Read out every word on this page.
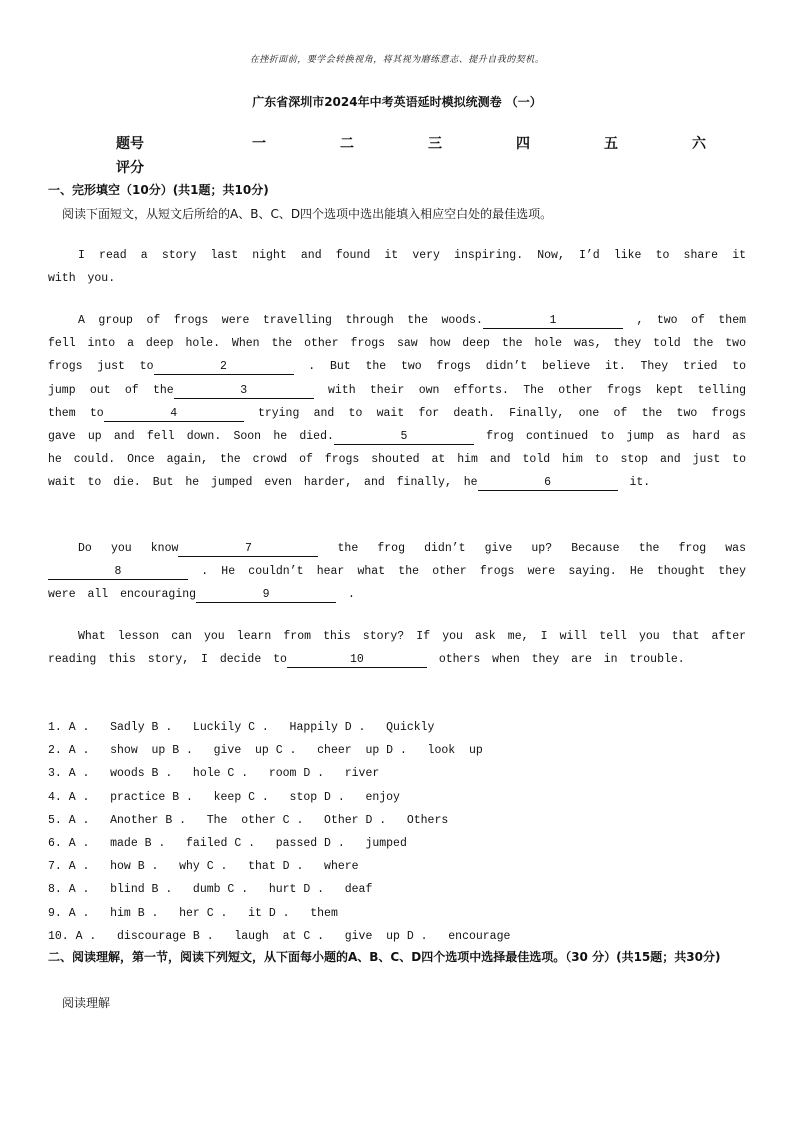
在挫折面前，要学会转换视角，将其视为磨练意志、提升自我的契机。
广东省深圳市2024年中考英语延时模拟统测卷 （一）
题号	一	二	三	四	五	六
评分
一、完形填空（10分）(共1题；共10分)
阅读下面短文，从短文后所给的A、B、C、D四个选项中选出能填入相应空白处的最佳选项。

I read a story last night and found it very inspiring. Now, I’d like to share it with you.

A group of frogs were travelling through the woods.	1	, two of them fell into a deep hole. When the other frogs saw how deep the hole was, they told the two frogs just to	2	. But the two frogs didn’t believe it. They tried to jump out of the	3	with their own efforts. The other frogs kept telling them to	4	trying and to wait for death. Finally, one of the two frogs gave up and fell down. Soon he died.	5	frog continued to jump as hard as he could. Once again, the crowd of frogs shouted at him and told him to stop and just to wait to die. But he jumped even harder, and finally, he	6	it.

Do you know	7	the frog didn’t give up? Because the frog was8	. He couldn’t hear what the other frogs were saying. He thought they were all encouraging	9	.

What lesson can you learn from this story? If you ask me, I will tell you that after reading this story, I decide to	10	others when they are in trouble.

1. A .   Sadly B .   Luckily C .   Happily D .   Quickly
2. A .   show  up B .   give  up C .   cheer  up D .   look  up
3. A .   woods B .   hole C .   room D .   river
4. A .   practice B .   keep C .   stop D .   enjoy
5. A .   Another B .   The  other C .   Other D .   Others
6. A .   made B .   failed C .   passed D .   jumped
7. A .   how B .   why C .   that D .   where
8. A .   blind B .   dumb C .   hurt D .   deaf
9. A .   him B .   her C .   it D .   them
10. A .   discourage B .   laugh  at C .   give  up D .   encourage
二、阅读理解，第一节，阅读下列短文，从下面每小题的A、B、C、D四个选项中选择最佳选项。（30 分）(共15题；共30分)
阅读理解
